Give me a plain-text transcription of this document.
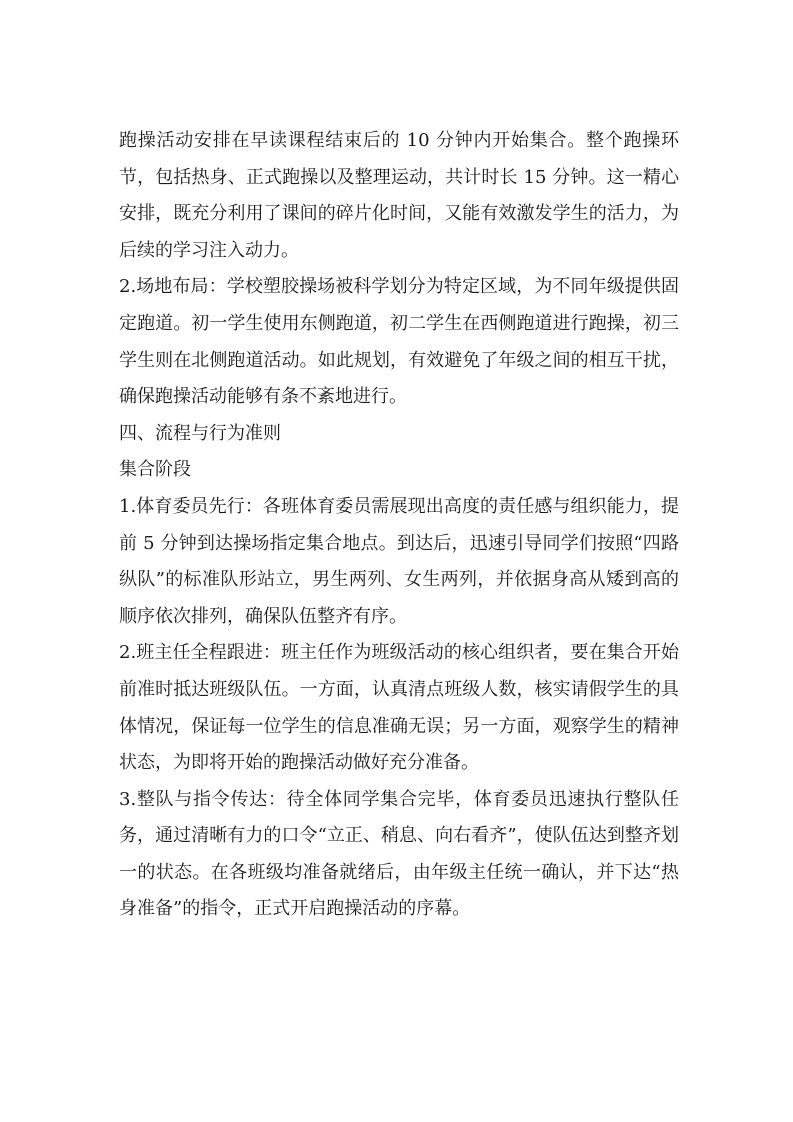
跑操活动安排在早读课程结束后的 10 分钟内开始集合。整个跑操环节，包括热身、正式跑操以及整理运动，共计时长 15 分钟。这一精心安排，既充分利用了课间的碎片化时间，又能有效激发学生的活力，为后续的学习注入动力。

2.场地布局：学校塑胶操场被科学划分为特定区域，为不同年级提供固定跑道。初一学生使用东侧跑道，初二学生在西侧跑道进行跑操，初三学生则在北侧跑道活动。如此规划，有效避免了年级之间的相互干扰，确保跑操活动能够有条不紊地进行。

四、流程与行为准则

集合阶段

1.体育委员先行：各班体育委员需展现出高度的责任感与组织能力，提前 5 分钟到达操场指定集合地点。到达后，迅速引导同学们按照“四路纵队”的标准队形站立，男生两列、女生两列，并依据身高从矮到高的顺序依次排列，确保队伍整齐有序。

2.班主任全程跟进：班主任作为班级活动的核心组织者，要在集合开始前准时抵达班级队伍。一方面，认真清点班级人数，核实请假学生的具体情况，保证每一位学生的信息准确无误；另一方面，观察学生的精神状态，为即将开始的跑操活动做好充分准备。

3.整队与指令传达：待全体同学集合完毕，体育委员迅速执行整队任务，通过清晰有力的口令“立正、稍息、向右看齐”，使队伍达到整齐划一的状态。在各班级均准备就绪后，由年级主任统一确认，并下达“热身准备”的指令，正式开启跑操活动的序幕。
